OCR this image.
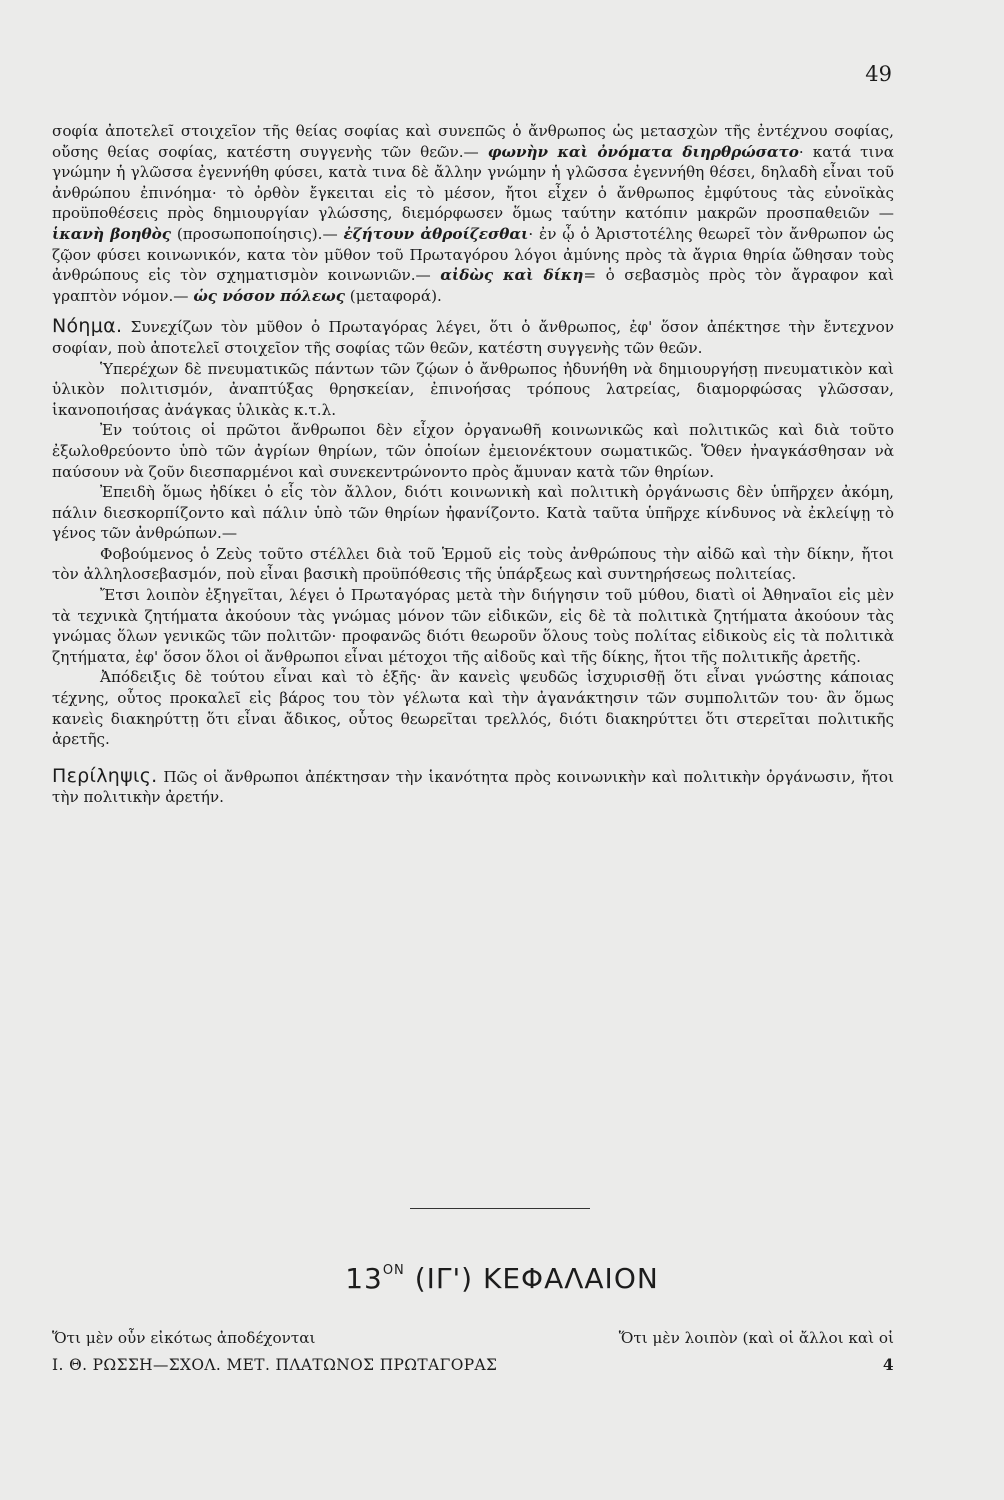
49

σοφία ἀποτελεῖ στοιχεῖον τῆς θείας σοφίας καὶ συνεπῶς ὁ ἄνθρωπος ὡς μετασχὼν τῆς ἐντέχνου σοφίας, οὔσης θείας σοφίας, κατέστη συγγενὴς τῶν θεῶν.— φωνὴν καὶ ὀνόματα διηρθρώσατο· κατά τινα γνώμην ἡ γλῶσσα ἐγεννήθη φύσει, κατὰ τινα δὲ ἄλλην γνώμην ἡ γλῶσσα ἐγεννήθη θέσει, δηλαδὴ εἶναι τοῦ ἀνθρώπου ἐπινόημα· τὸ ὀρθὸν ἔγκειται εἰς τὸ μέσον, ἤτοι εἶχεν ὁ ἄνθρωπος ἐμφύτους τὰς εὐνοϊκὰς προϋποθέσεις πρὸς δημιουργίαν γλώσσης, διεμόρφωσεν ὅμως ταύτην κατόπιν μακρῶν προσπαθειῶν — ἱκανὴ βοηθὸς (προσωποποίησις).— ἐζήτουν ἀθροίζεσθαι· ἐν ᾧ ὁ Ἀριστοτέλης θεωρεῖ τὸν ἄνθρωπον ὡς ζῷον φύσει κοινωνικόν, κατα τὸν μῦθον τοῦ Πρωταγόρου λόγοι ἀμύνης πρὸς τὰ ἄγρια θηρία ὤθησαν τοὺς ἀνθρώπους εἰς τὸν σχηματισμὸν κοινωνιῶν.— αἰδὼς καὶ δίκη= ὁ σεβασμὸς πρὸς τὸν ἄγραφον καὶ γραπτὸν νόμον.— ὡς νόσον πόλεως (μεταφορά).

Νόημα. Συνεχίζων τὸν μῦθον ὁ Πρωταγόρας λέγει, ὅτι ὁ ἄνθρωπος, ἐφ' ὅσον ἀπέκτησε τὴν ἔντεχνον σοφίαν, ποὺ ἀποτελεῖ στοιχεῖον τῆς σοφίας τῶν θεῶν, κατέστη συγγενὴς τῶν θεῶν.

Ὑπερέχων δὲ πνευματικῶς πάντων τῶν ζῴων ὁ ἄνθρωπος ἠδυνήθη νὰ δημιουργήσῃ πνευματικὸν καὶ ὑλικὸν πολιτισμόν, ἀναπτύξας θρησκείαν, ἐπινοήσας τρόπους λατρείας, διαμορφώσας γλῶσσαν, ἱκανοποιήσας ἀνάγκας ὑλικὰς κ.τ.λ.

Ἐν τούτοις οἱ πρῶτοι ἄνθρωποι δὲν εἶχον ὀργανωθῆ κοινωνικῶς καὶ πολιτικῶς καὶ διὰ τοῦτο ἐξωλοθρεύοντο ὑπὸ τῶν ἀγρίων θηρίων, τῶν ὁποίων ἐμειονέκτουν σωματικῶς. Ὅθεν ἠναγκάσθησαν νὰ παύσουν νὰ ζοῦν διεσπαρμένοι καὶ συνεκεντρώνοντο πρὸς ἄμυναν κατὰ τῶν θηρίων.

Ἐπειδὴ ὅμως ἠδίκει ὁ εἷς τὸν ἄλλον, διότι κοινωνικὴ καὶ πολιτικὴ ὀργάνωσις δὲν ὑπῆρχεν ἀκόμη, πάλιν διεσκορπίζοντο καὶ πάλιν ὑπὸ τῶν θηρίων ἠφανίζοντο. Κατὰ ταῦτα ὑπῆρχε κίνδυνος νὰ ἐκλείψῃ τὸ γένος τῶν ἀνθρώπων.—

Φοβούμενος ὁ Ζεὺς τοῦτο στέλλει διὰ τοῦ Ἑρμοῦ εἰς τοὺς ἀνθρώπους τὴν αἰδῶ καὶ τὴν δίκην, ἤτοι τὸν ἀλληλοσεβασμόν, ποὺ εἶναι βασικὴ προϋπόθεσις τῆς ὑπάρξεως καὶ συντηρήσεως πολιτείας.

Ἔτσι λοιπὸν ἐξηγεῖται, λέγει ὁ Πρωταγόρας μετὰ τὴν διήγησιν τοῦ μύθου, διατὶ οἱ Ἀθηναῖοι εἰς μὲν τὰ τεχνικὰ ζητήματα ἀκούουν τὰς γνώμας μόνον τῶν εἰδικῶν, εἰς δὲ τὰ πολιτικὰ ζητήματα ἀκούουν τὰς γνώμας ὅλων γενικῶς τῶν πολιτῶν· προφανῶς διότι θεωροῦν ὅλους τοὺς πολίτας εἰδικοὺς εἰς τὰ πολιτικὰ ζητήματα, ἐφ' ὅσον ὅλοι οἱ ἄνθρωποι εἶναι μέτοχοι τῆς αἰδοῦς καὶ τῆς δίκης, ἤτοι τῆς πολιτικῆς ἀρετῆς.

Ἀπόδειξις δὲ τούτου εἶναι καὶ τὸ ἑξῆς· ἂν κανεὶς ψευδῶς ἰσχυρισθῇ ὅτι εἶναι γνώστης κάποιας τέχνης, οὗτος προκαλεῖ εἰς βάρος του τὸν γέλωτα καὶ τὴν ἀγανάκτησιν τῶν συμπολιτῶν του· ἂν ὅμως κανεὶς διακηρύττῃ ὅτι εἶναι ἄδικος, οὗτος θεωρεῖται τρελλός, διότι διακηρύττει ὅτι στερεῖται πολιτικῆς ἀρετῆς.

Περίληψις. Πῶς οἱ ἄνθρωποι ἀπέκτησαν τὴν ἱκανότητα πρὸς κοινωνικὴν καὶ πολιτικὴν ὀργάνωσιν, ἤτοι τὴν πολιτικὴν ἀρετήν.

$13^{ON}$ (ΙΓ') ΚΕΦΑΛΑΙΟΝ
Ὅτι μὲν οὖν εἰκότως ἀποδέχονται	Ὅτι μὲν λοιπὸν (καὶ οἱ ἄλλοι καὶ οἱ
Ι. Θ. ΡΩΣΣΗ—ΣΧΟΛ. ΜΕΤ. ΠΛΑΤΩΝΟΣ ΠΡΩΤΑΓΟΡΑΣ	4
